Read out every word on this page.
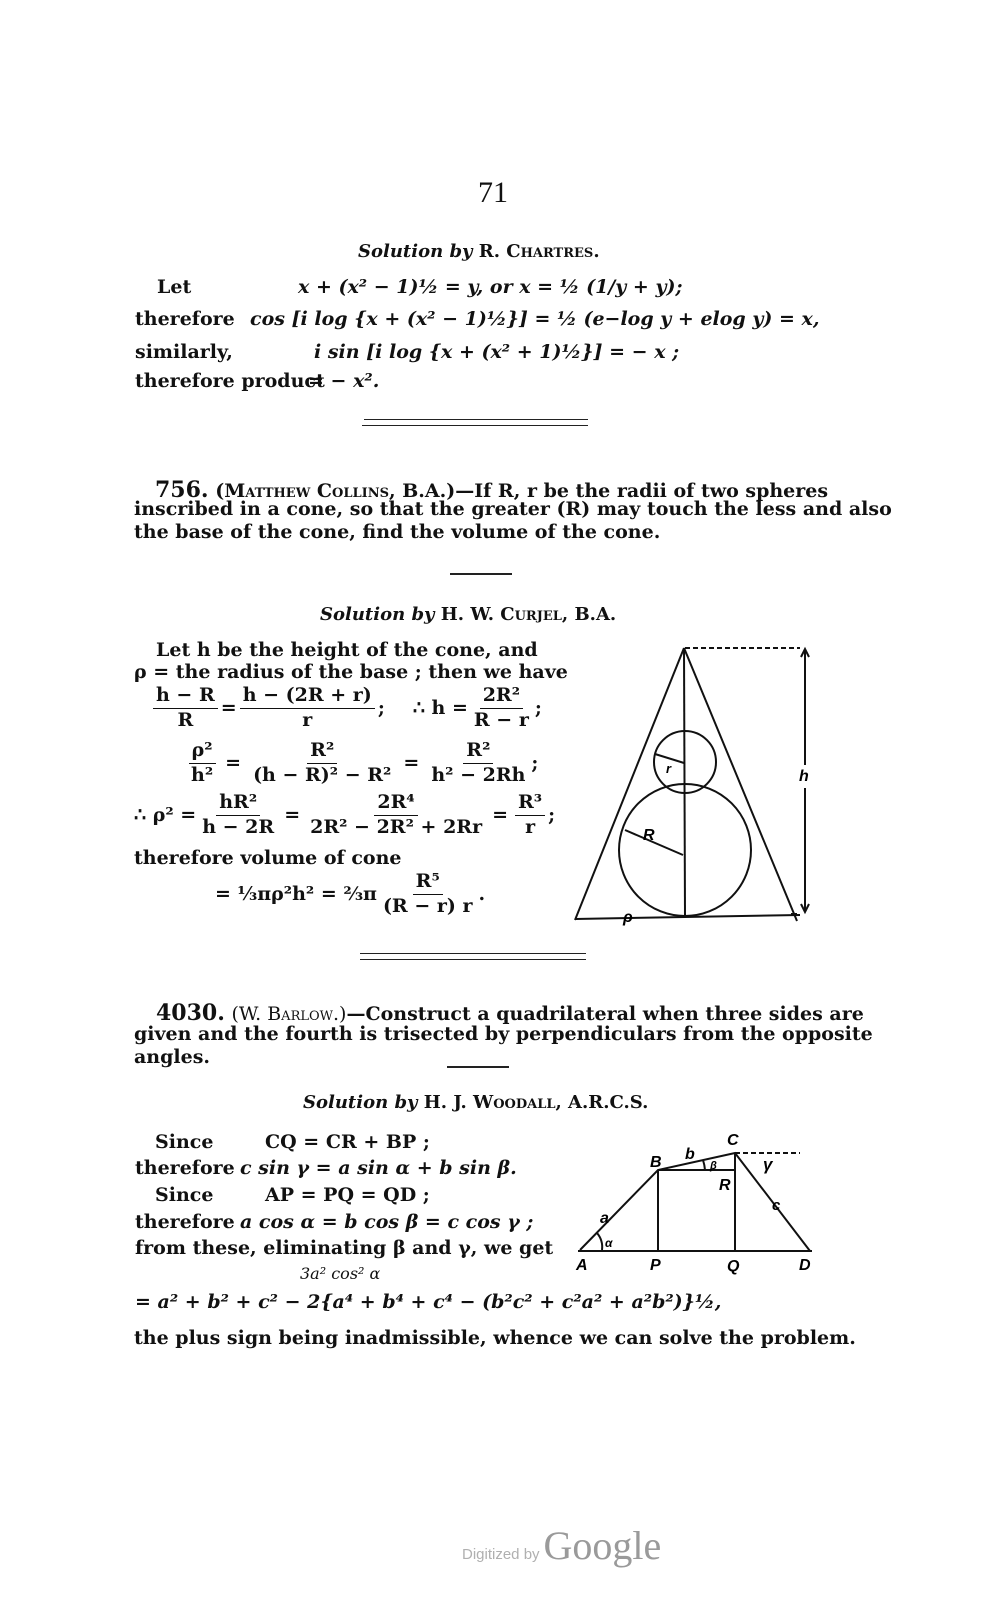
71
Solution by R. Chartres.
Let	x + (x² − 1)½ = y, or x = ½ (1/y + y);
therefore cos [i log {x + (x² − 1)½}] = ½ (e−log y + elog y) = x,
similarly,	i sin [i log {x + (x² + 1)½}] = − x ;
therefore product
= − x².
756. (Matthew Collins, B.A.)—If R, r be the radii of two spheres
inscribed in a cone, so that the greater (R) may touch the less and also
the base of the cone, find the volume of the cone.
Solution by H. W. Curjel, B.A.
Let h be the height of the cone, and
ρ = the radius of the base ; then we have
$\frac{h - R}{R} = \frac{h - (2R + r)}{r}$ ; ∴ $h = \frac{\text{2R²}}{R - r}$ ;
$\frac{\text{ρ²}}{\text{h²}} = \frac{\text{R²}}{\text{(h − R)² − R²}} = \frac{\text{R²}}{\text{h² − 2Rh}}$ ;
∴ $\rho^2 = \frac{\text{hR²}}{h - 2R} = \frac{\text{2R⁴}}{\text{2R² − 2R² + 2Rr}} = \frac{\text{R³}}{r}$ ;
therefore volume of cone
= ⅓πρ²h² = ⅔π $\frac{\text{R⁵}}{(R - r) r}$ .
r
R
h
ρ
4030. (W. Barlow.)—Construct a quadrilateral when three sides are
given and the fourth is trisected by perpendiculars from the opposite
angles.
Solution by H. J. Woodall, A.R.C.S.
Since	CQ = CR + BP ;
therefore c sin γ = a sin α + b sin β.
Since	AP = PQ = QD ;
therefore a cos α = b cos β = c cos γ ;
from these, eliminating β and γ, we get
3a² cos² α
= a² + b² + c² − 2{a⁴ + b⁴ + c⁴ − (b²c² + c²a² + a²b²)}½,
the plus sign being inadmissible, whence we can solve the problem.
a
α
B b
β
C
γ
R
c
A	P	Q	D
Digitized by Google
